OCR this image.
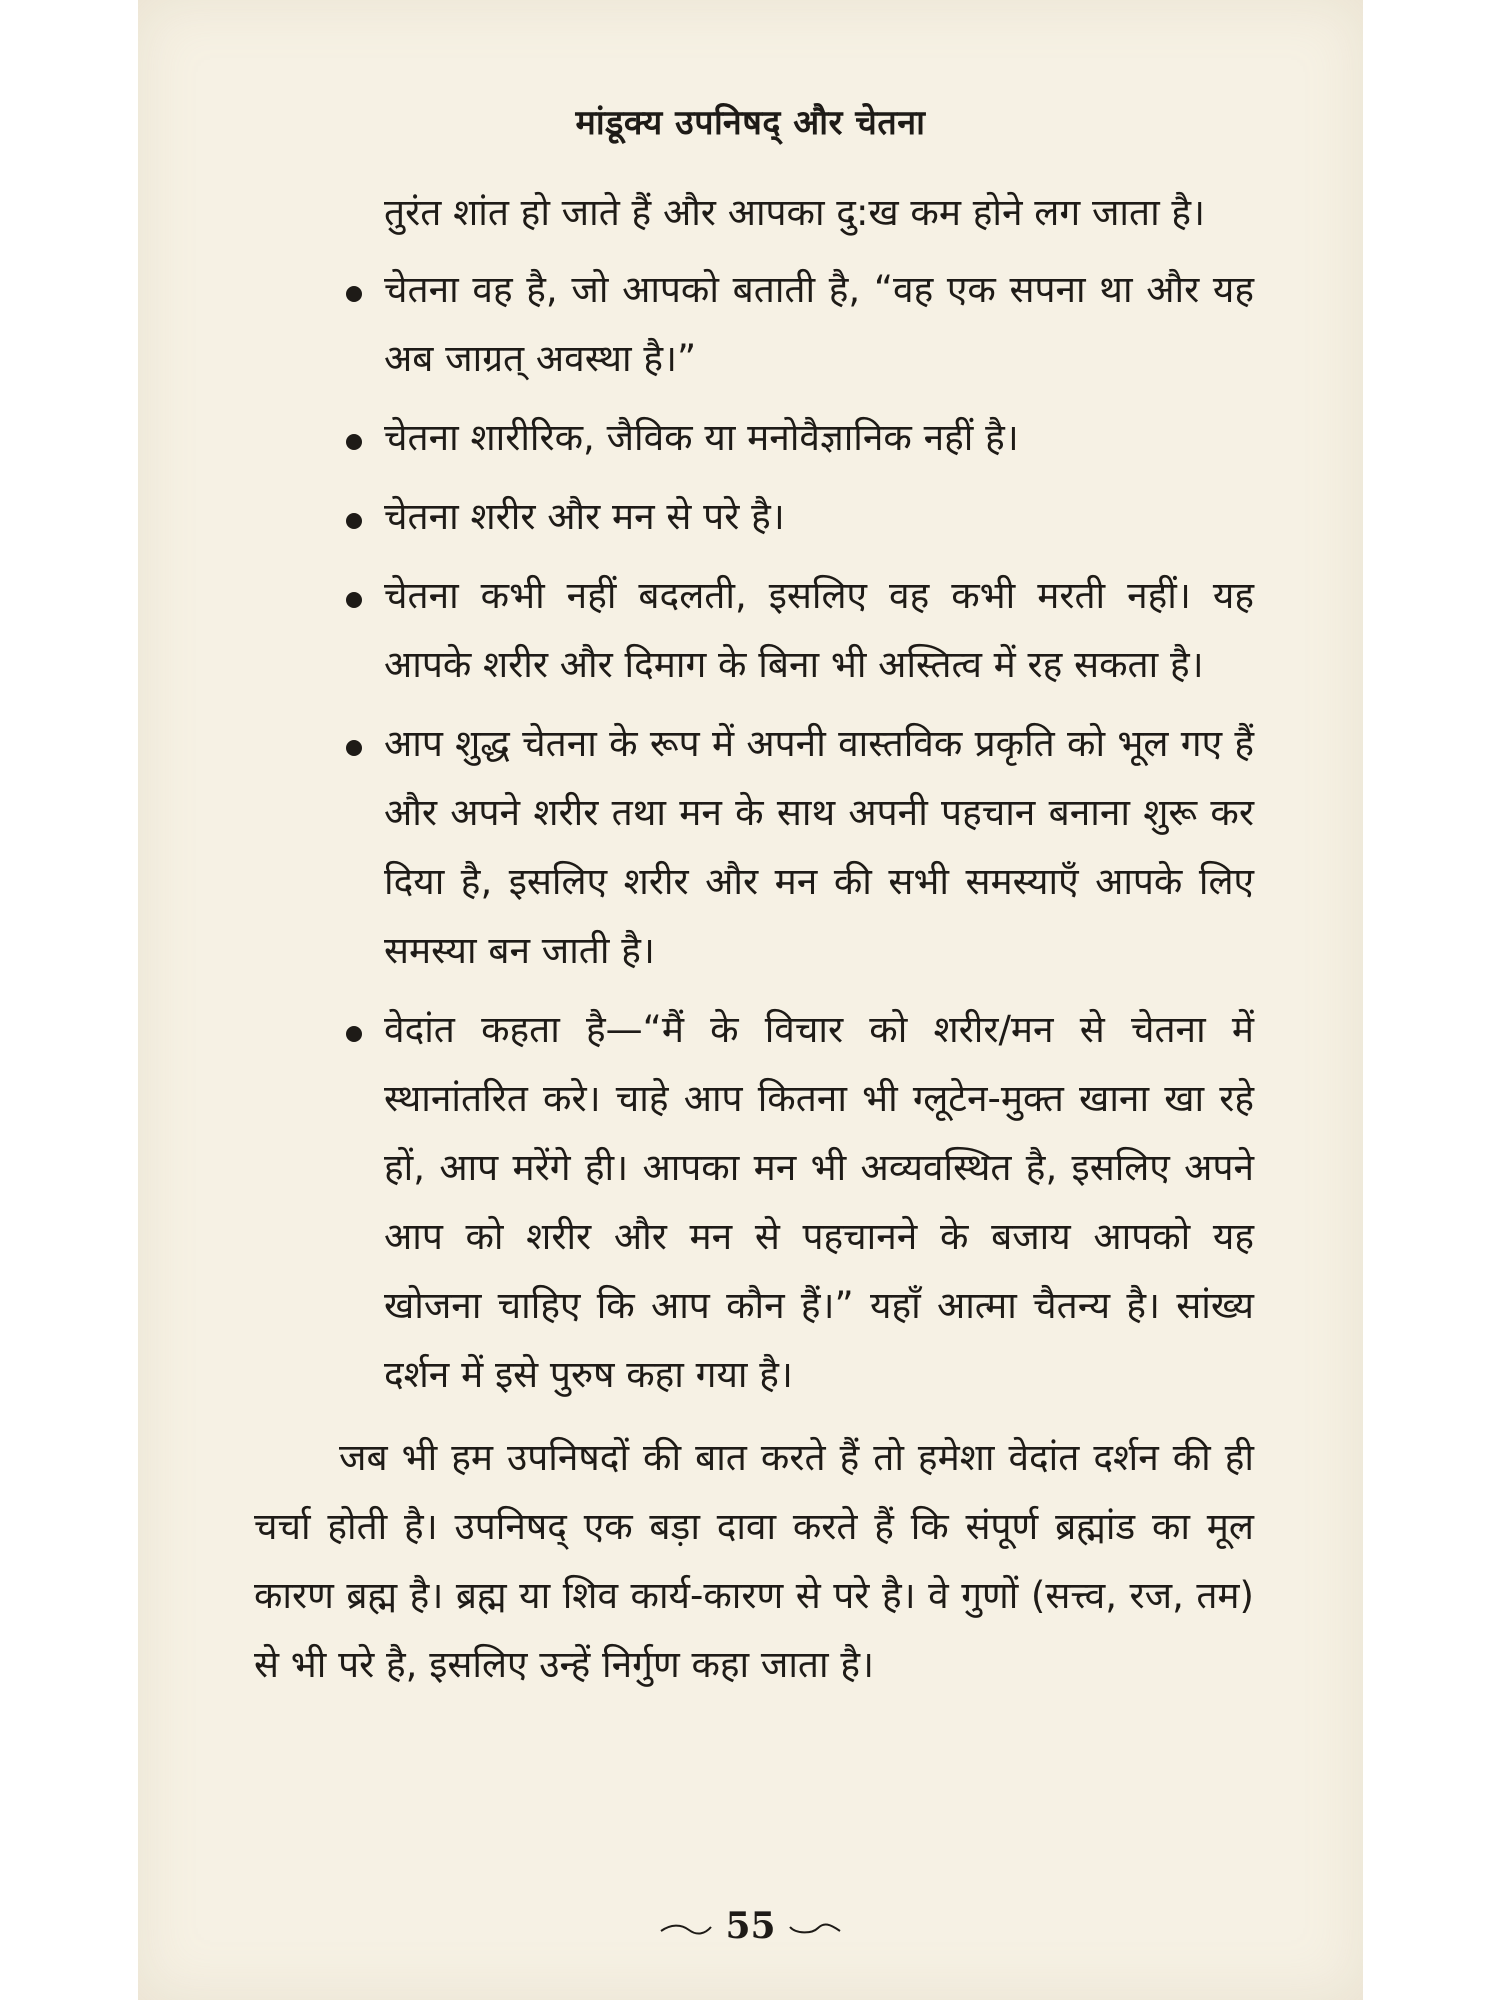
मांडूक्य उपनिषद् और चेतना

तुरंत शांत हो जाते हैं और आपका दु:ख कम होने लग जाता है।

चेतना वह है, जो आपको बताती है, “वह एक सपना था और यह अब जाग्रत् अवस्था है।”
चेतना शारीरिक, जैविक या मनोवैज्ञानिक नहीं है।
चेतना शरीर और मन से परे है।
चेतना कभी नहीं बदलती, इसलिए वह कभी मरती नहीं। यह आपके शरीर और दिमाग के बिना भी अस्तित्व में रह सकता है।
आप शुद्ध चेतना के रूप में अपनी वास्तविक प्रकृति को भूल गए हैं और अपने शरीर तथा मन के साथ अपनी पहचान बनाना शुरू कर दिया है, इसलिए शरीर और मन की सभी समस्याएँ आपके लिए समस्या बन जाती है।
वेदांत कहता है—“मैं के विचार को शरीर/मन से चेतना में स्थानांतरित करे। चाहे आप कितना भी ग्लूटेन-मुक्त खाना खा रहे हों, आप मरेंगे ही। आपका मन भी अव्यवस्थित है, इसलिए अपने आप को शरीर और मन से पहचानने के बजाय आपको यह खोजना चाहिए कि आप कौन हैं।” यहाँ आत्मा चैतन्य है। सांख्य दर्शन में इसे पुरुष कहा गया है।

जब भी हम उपनिषदों की बात करते हैं तो हमेशा वेदांत दर्शन की ही चर्चा होती है। उपनिषद् एक बड़ा दावा करते हैं कि संपूर्ण ब्रह्मांड का मूल कारण ब्रह्म है। ब्रह्म या शिव कार्य-कारण से परे है। वे गुणों (सत्त्व, रज, तम) से भी परे है, इसलिए उन्हें निर्गुण कहा जाता है।

55
